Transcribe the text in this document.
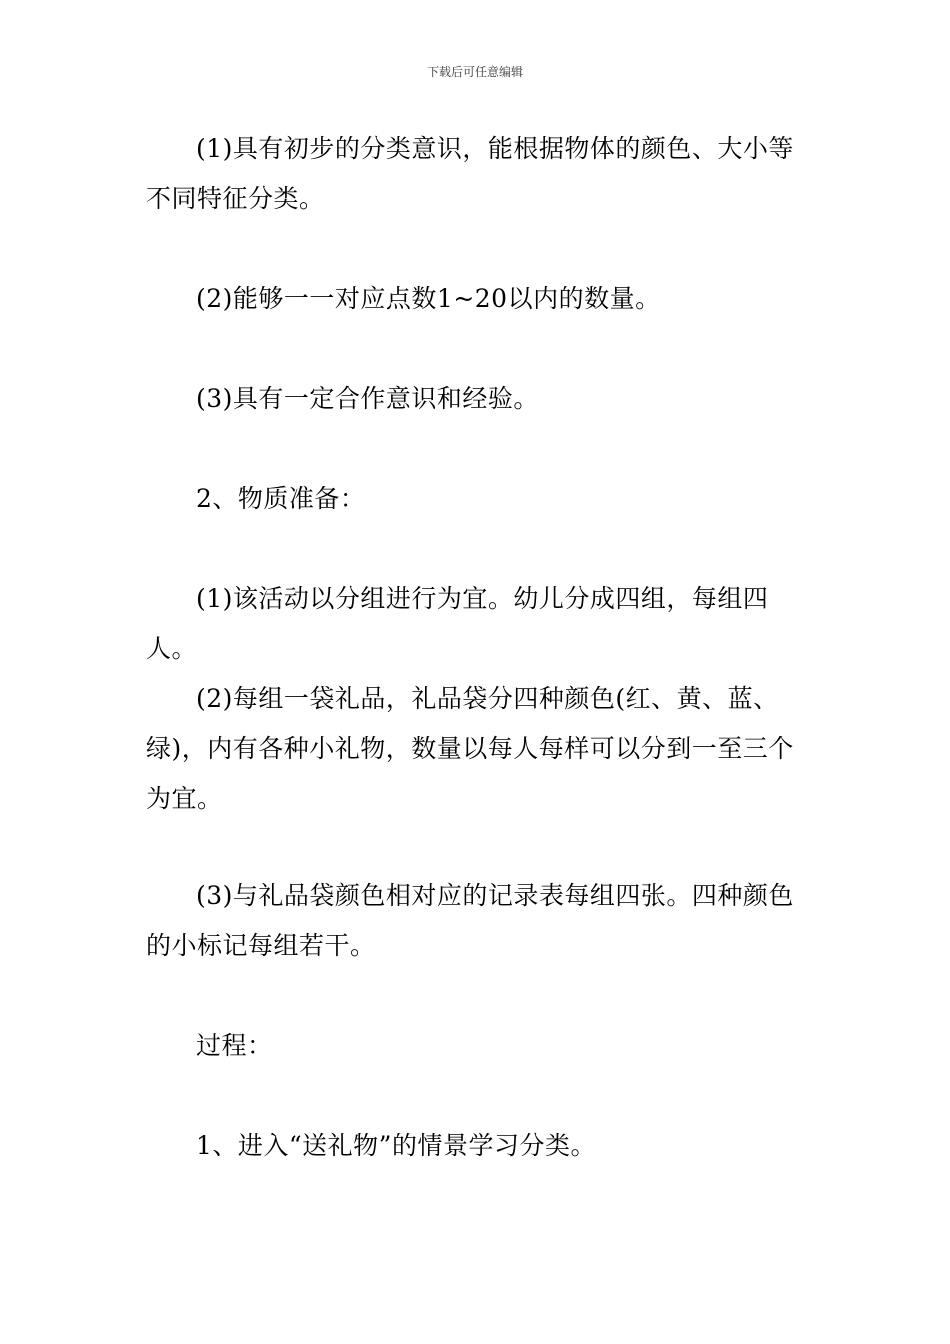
下载后可任意编辑

(1)具有初步的分类意识，能根据物体的颜色、大小等不同特征分类。

(2)能够一一对应点数1~20以内的数量。

(3)具有一定合作意识和经验。

2、物质准备：

(1)该活动以分组进行为宜。幼儿分成四组，每组四人。

(2)每组一袋礼品，礼品袋分四种颜色(红、黄、蓝、绿)，内有各种小礼物，数量以每人每样可以分到一至三个为宜。

(3)与礼品袋颜色相对应的记录表每组四张。四种颜色的小标记每组若干。

过程：

1、进入“送礼物”的情景学习分类。
